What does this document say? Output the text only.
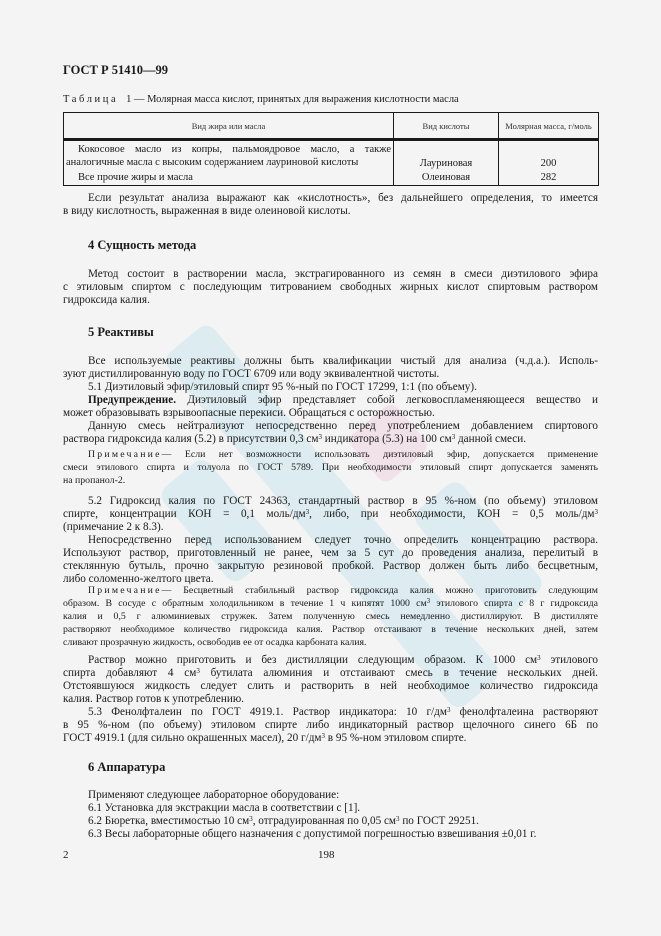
ГОСТ Р 51410—99
Таблица 1 — Молярная масса кислот, принятых для выражения кислотности масла
Вид жира или масла	Вид кислоты	Молярная масса, г/моль

Кокосовое масло из копры, пальмоядровое масло, а также
аналогичные масла с высоким содержанием лауриновой кислоты	Лауриновая	200
Все прочие жиры и масла	Олеиновая	282
Если результат анализа выражают как «кислотность», без дальнейшего определения, то имеется
в виду кислотность, выраженная в виде олеиновой кислоты.
4 Сущность метода
Метод состоит в растворении масла, экстрагированного из семян в смеси диэтилового эфира
с этиловым спиртом с последующим титрованием свободных жирных кислот спиртовым раствором
гидроксида калия.
5 Реактивы
Все используемые реактивы должны быть квалификации чистый для анализа (ч.д.а.). Исполь-
зуют дистиллированную воду по ГОСТ 6709 или воду эквивалентной чистоты.
5.1 Диэтиловый эфир/этиловый спирт 95 %-ный по ГОСТ 17299, 1:1 (по объему).
Предупреждение. Диэтиловый эфир представляет собой легковоспламеняющееся вещество и
может образовывать взрывоопасные перекиси. Обращаться с осторожностью.
Данную смесь нейтрализуют непосредственно перед употреблением добавлением спиртового
раствора гидроксида калия (5.2) в присутствии 0,3 $см^3$ индикатора (5.3) на 100 $см^3$ данной смеси.
Примечание— Если нет возможности использовать диэтиловый эфир, допускается применение
смеси этилового спирта и толуола по ГОСТ 5789. При необходимости этиловый спирт допускается заменять
на пропанол-2.
5.2 Гидроксид калия по ГОСТ 24363, стандартный раствор в 95 %-ном (по объему) этиловом
спирте, концентрации КОН = 0,1 моль/$дм^3$, либо, при необходимости, КОН = 0,5 моль/$дм^3$
(примечание 2 к 8.3).
Непосредственно перед использованием следует точно определить концентрацию раствора.
Используют раствор, приготовленный не ранее, чем за 5 сут до проведения анализа, перелитый в
стеклянную бутыль, прочно закрытую резиновой пробкой. Раствор должен быть либо бесцветным,
либо соломенно-желтого цвета.
Примечание— Бесцветный стабильный раствор гидроксида калия можно приготовить следующим
образом. В сосуде с обратным холодильником в течение 1 ч кипятят 1000 $см^3$ этилового спирта с 8 г гидроксида
калия и 0,5 г алюминиевых стружек. Затем полученную смесь немедленно дистиллируют. В дистилляте
растворяют необходимое количество гидроксида калия. Раствор отстаивают в течение нескольких дней, затем
сливают прозрачную жидкость, освободив ее от осадка карбоната калия.
Раствор можно приготовить и без дистилляции следующим образом. К 1000 $см^3$ этилового
спирта добавляют 4 $см^3$ бутилата алюминия и отстаивают смесь в течение нескольких дней.
Отстоявшуюся жидкость следует слить и растворить в ней необходимое количество гидроксида
калия. Раствор готов к употреблению.
5.3 Фенолфталеин по ГОСТ 4919.1. Раствор индикатора: 10 $г/дм^3$ фенолфталеина растворяют
в 95 %-ном (по объему) этиловом спирте либо индикаторный раствор щелочного синего 6Б по
ГОСТ 4919.1 (для сильно окрашенных масел), 20 $г/дм^3$ в 95 %-ном этиловом спирте.
6 Аппаратура
Применяют следующее лабораторное оборудование:
6.1 Установка для экстракции масла в соответствии с [1].
6.2 Бюретка, вместимостью 10 $см^3$, отградуированная по 0,05 $см^3$ по ГОСТ 29251.
6.3 Весы лабораторные общего назначения с допустимой погрешностью взвешивания ±0,01 г.
2	198
